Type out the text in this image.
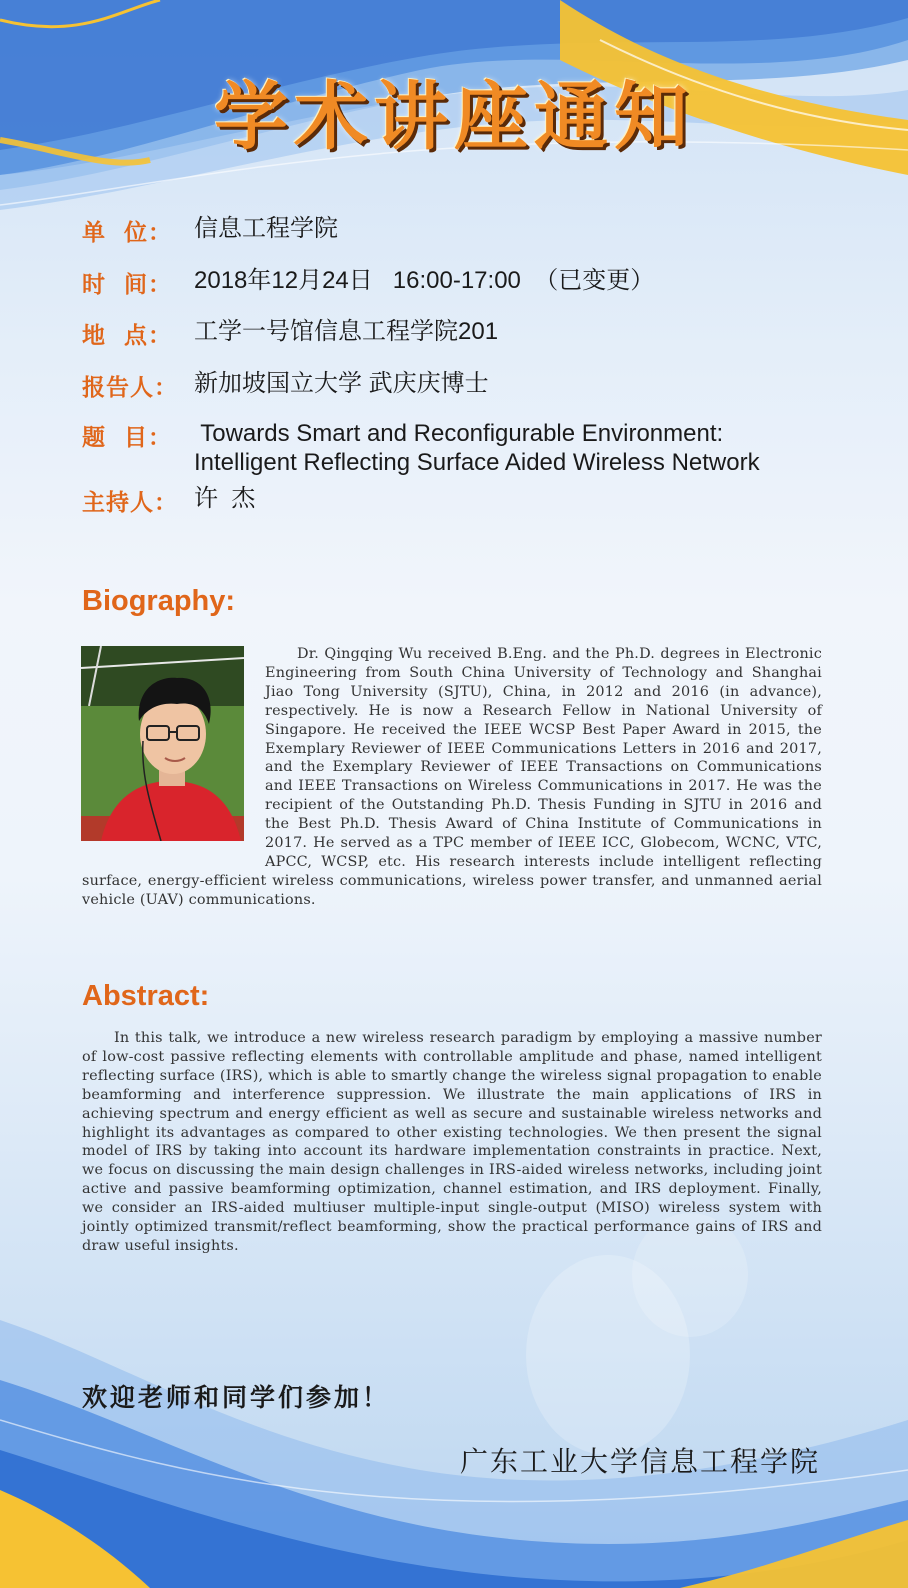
学术讲座通知
单  位： 信息工程学院
时  间： 2018年12月24日   16:00-17:00  （已变更）
地  点： 工学一号馆信息工程学院201
报告人： 新加坡国立大学 武庆庆博士
题  目： Towards Smart and Reconfigurable Environment:
Intelligent Reflecting Surface Aided Wireless Network
主持人： 许  杰
Biography:
Dr. Qingqing Wu received B.Eng. and the Ph.D. degrees in Electronic Engineering from South China University of Technology and Shanghai Jiao Tong University (SJTU), China, in 2012 and 2016 (in advance), respectively. He is now a Research Fellow in National University of Singapore. He received the IEEE WCSP Best Paper Award in 2015, the Exemplary Reviewer of IEEE Communications Letters in 2016 and 2017, and the Exemplary Reviewer of IEEE Transactions on Communications and IEEE Transactions on Wireless Communications in 2017. He was the recipient of the Outstanding Ph.D. Thesis Funding in SJTU in 2016 and the Best Ph.D. Thesis Award of China Institute of Communications in 2017. He served as a TPC member of IEEE ICC, Globecom, WCNC, VTC, APCC, WCSP, etc. His research interests include intelligent reflecting surface, energy-efficient wireless communications, wireless power transfer, and unmanned aerial vehicle (UAV) communications.
Abstract:
In this talk, we introduce a new wireless research paradigm by employing a massive number of low-cost passive reflecting elements with controllable amplitude and phase, named intelligent reflecting surface (IRS), which is able to smartly change the wireless signal propagation to enable beamforming and interference suppression. We illustrate the main applications of IRS in achieving spectrum and energy efficient as well as secure and sustainable wireless networks and highlight its advantages as compared to other existing technologies. We then present the signal model of IRS by taking into account its hardware implementation constraints in practice. Next, we focus on discussing the main design challenges in IRS-aided wireless networks, including joint active and passive beamforming optimization, channel estimation, and IRS deployment. Finally, we consider an IRS-aided multiuser multiple-input single-output (MISO) wireless system with jointly optimized transmit/reflect beamforming, show the practical performance gains of IRS and draw useful insights.
欢迎老师和同学们参加！
广东工业大学信息工程学院
